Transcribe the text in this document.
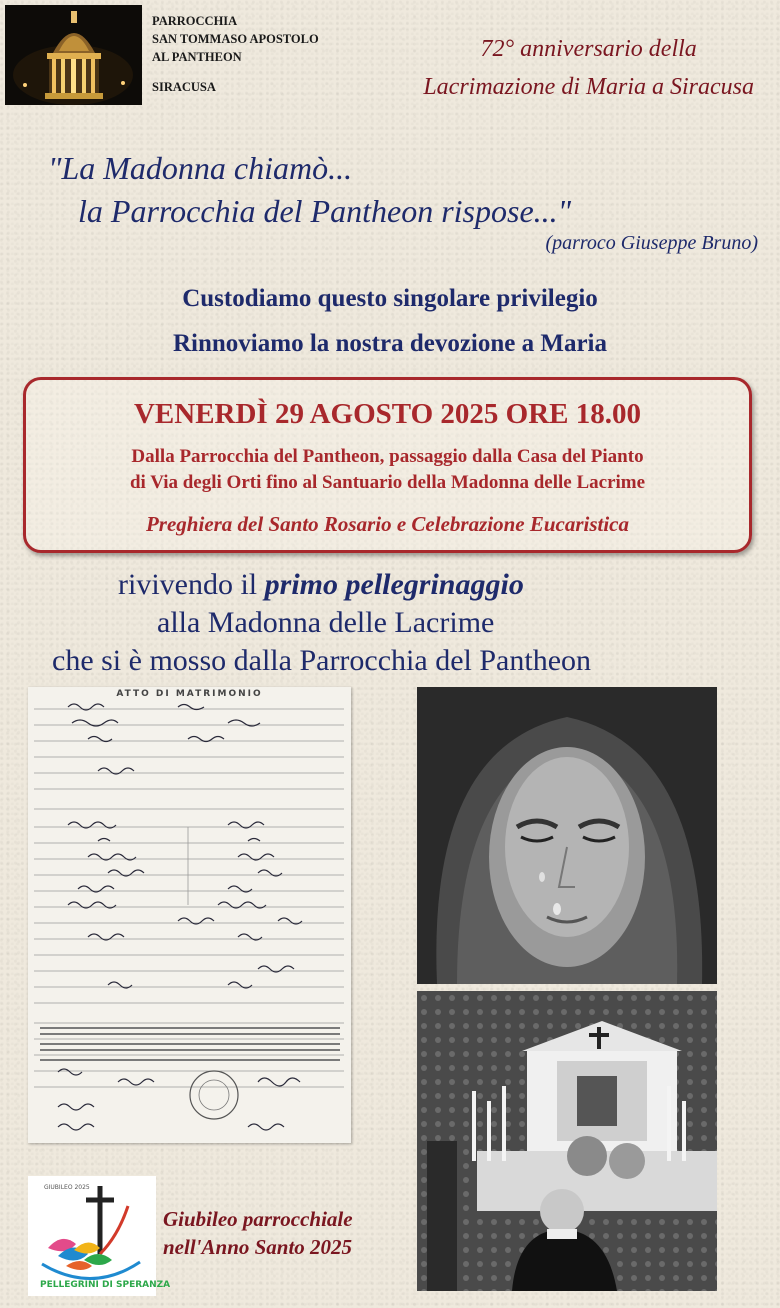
PARROCCHIA
SAN TOMMASO APOSTOLO
AL PANTHEON
SIRACUSA
72° anniversario della
Lacrimazione di Maria a Siracusa
"La Madonna chiamò...
la Parrocchia del Pantheon rispose..."
(parroco Giuseppe Bruno)
Custodiamo questo singolare privilegio
Rinnoviamo la nostra devozione a Maria
VENERDÌ 29 AGOSTO 2025 ORE 18.00
Dalla Parrocchia del Pantheon, passaggio dalla Casa del Pianto
di Via degli Orti fino al Santuario della Madonna delle Lacrime
Preghiera del Santo Rosario e Celebrazione Eucaristica
rivivendo il primo pellegrinaggio
alla Madonna delle Lacrime
che si è mosso dalla Parrocchia del Pantheon
ATTO DI MATRIMONIO
GIUBILEO 2025
PELLEGRINI DI SPERANZA
Giubileo parrocchiale
nell'Anno Santo 2025
